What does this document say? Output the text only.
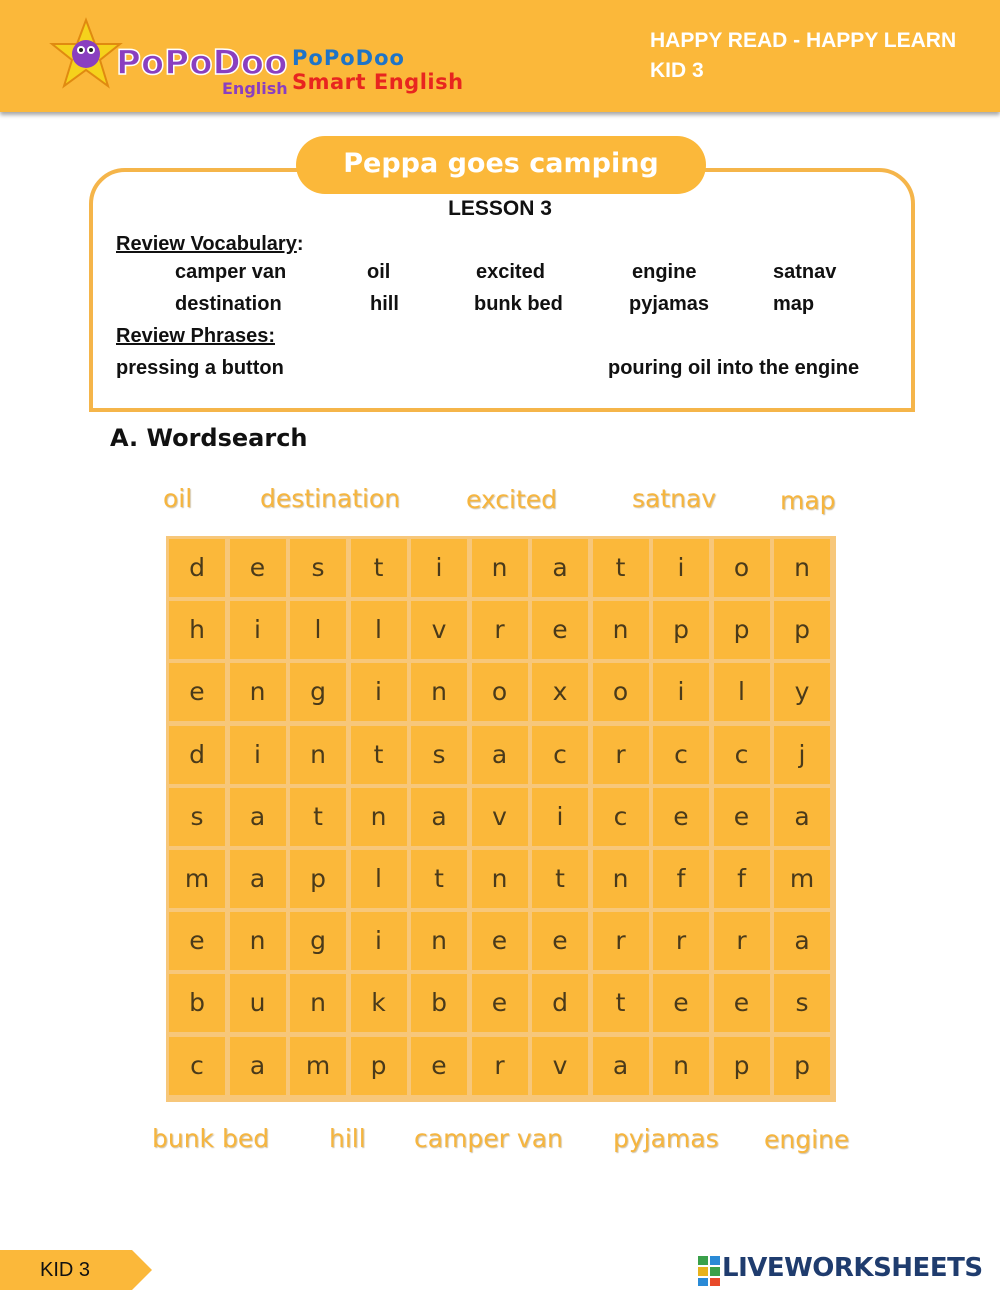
PoPoDoo
English
PoPoDoo
Smart English
HAPPY READ - HAPPY LEARN
KID 3
Peppa goes camping
LESSON 3
Review Vocabulary:
camper van	oil	excited	engine	satnav
destination	hill	bunk bed	pyjamas	map
Review Phrases:
pressing a button	pouring oil into the engine
A. Wordsearch
oil	destination	excited	satnav	map
d	e	s	t	i	n	a	t	i	o	n
h	i	l	l	v	r	e	n	p	p	p
e	n	g	i	n	o	x	o	i	l	y
d	i	n	t	s	a	c	r	c	c	j
s	a	t	n	a	v	i	c	e	e	a
m	a	p	l	t	n	t	n	f	f	m
e	n	g	i	n	e	e	r	r	r	a
b	u	n	k	b	e	d	t	e	e	s
c	a	m	p	e	r	v	a	n	p	p
bunk bed hill camper van pyjamas engine
KID 3	LIVEWORKSHEETS
